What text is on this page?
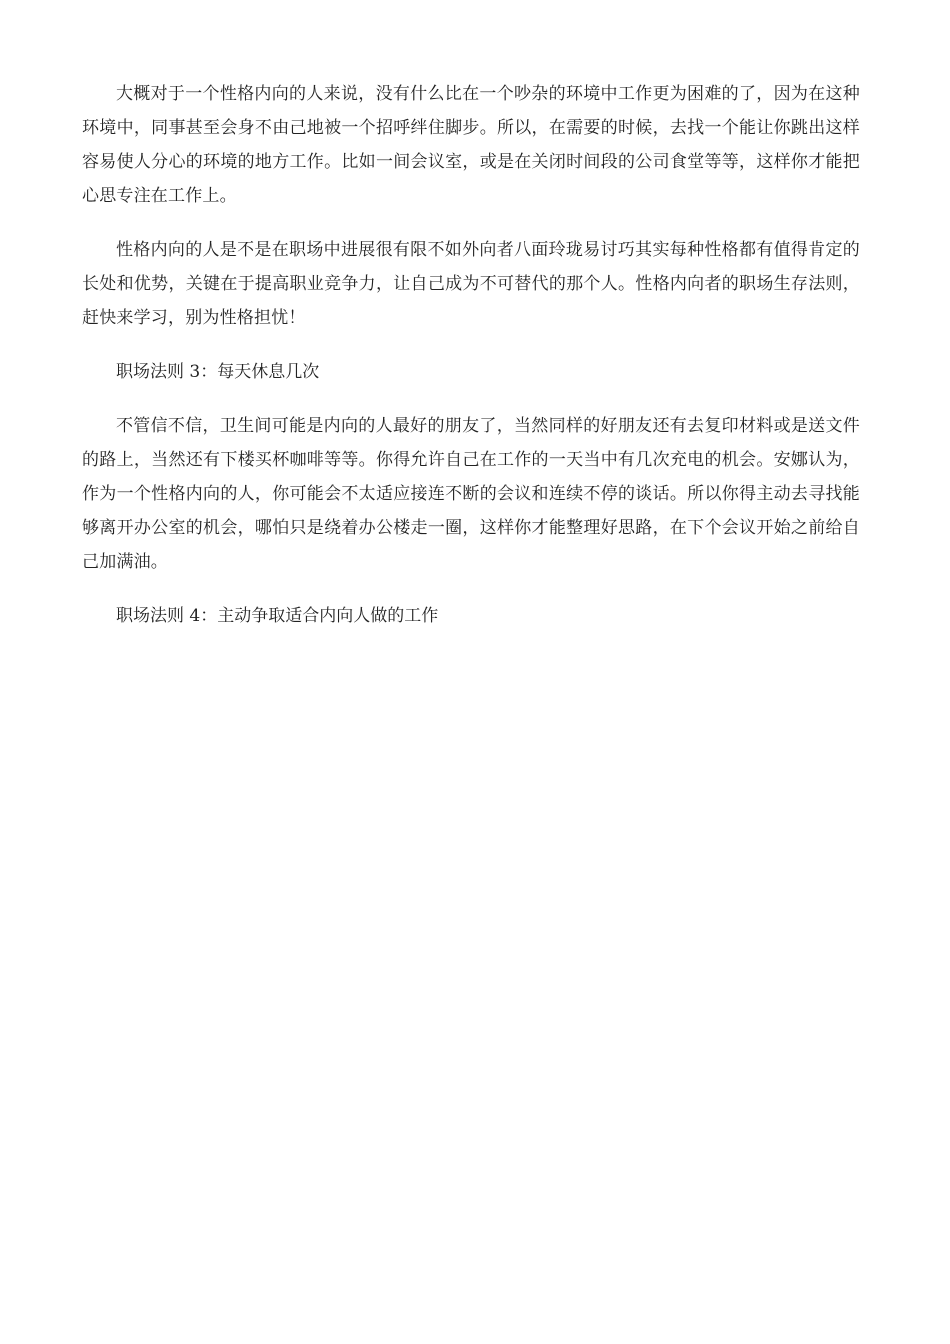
大概对于一个性格内向的人来说，没有什么比在一个吵杂的环境中工作更为困难的了，因为在这种环境中，同事甚至会身不由己地被一个招呼绊住脚步。所以，在需要的时候，去找一个能让你跳出这样容易使人分心的环境的地方工作。比如一间会议室，或是在关闭时间段的公司食堂等等，这样你才能把心思专注在工作上。

性格内向的人是不是在职场中进展很有限不如外向者八面玲珑易讨巧其实每种性格都有值得肯定的长处和优势，关键在于提高职业竞争力，让自己成为不可替代的那个人。性格内向者的职场生存法则，赶快来学习，别为性格担忧！

职场法则 3：每天休息几次

不管信不信，卫生间可能是内向的人最好的朋友了，当然同样的好朋友还有去复印材料或是送文件的路上，当然还有下楼买杯咖啡等等。你得允许自己在工作的一天当中有几次充电的机会。安娜认为，作为一个性格内向的人，你可能会不太适应接连不断的会议和连续不停的谈话。所以你得主动去寻找能够离开办公室的机会，哪怕只是绕着办公楼走一圈，这样你才能整理好思路，在下个会议开始之前给自己加满油。

职场法则 4：主动争取适合内向人做的工作
